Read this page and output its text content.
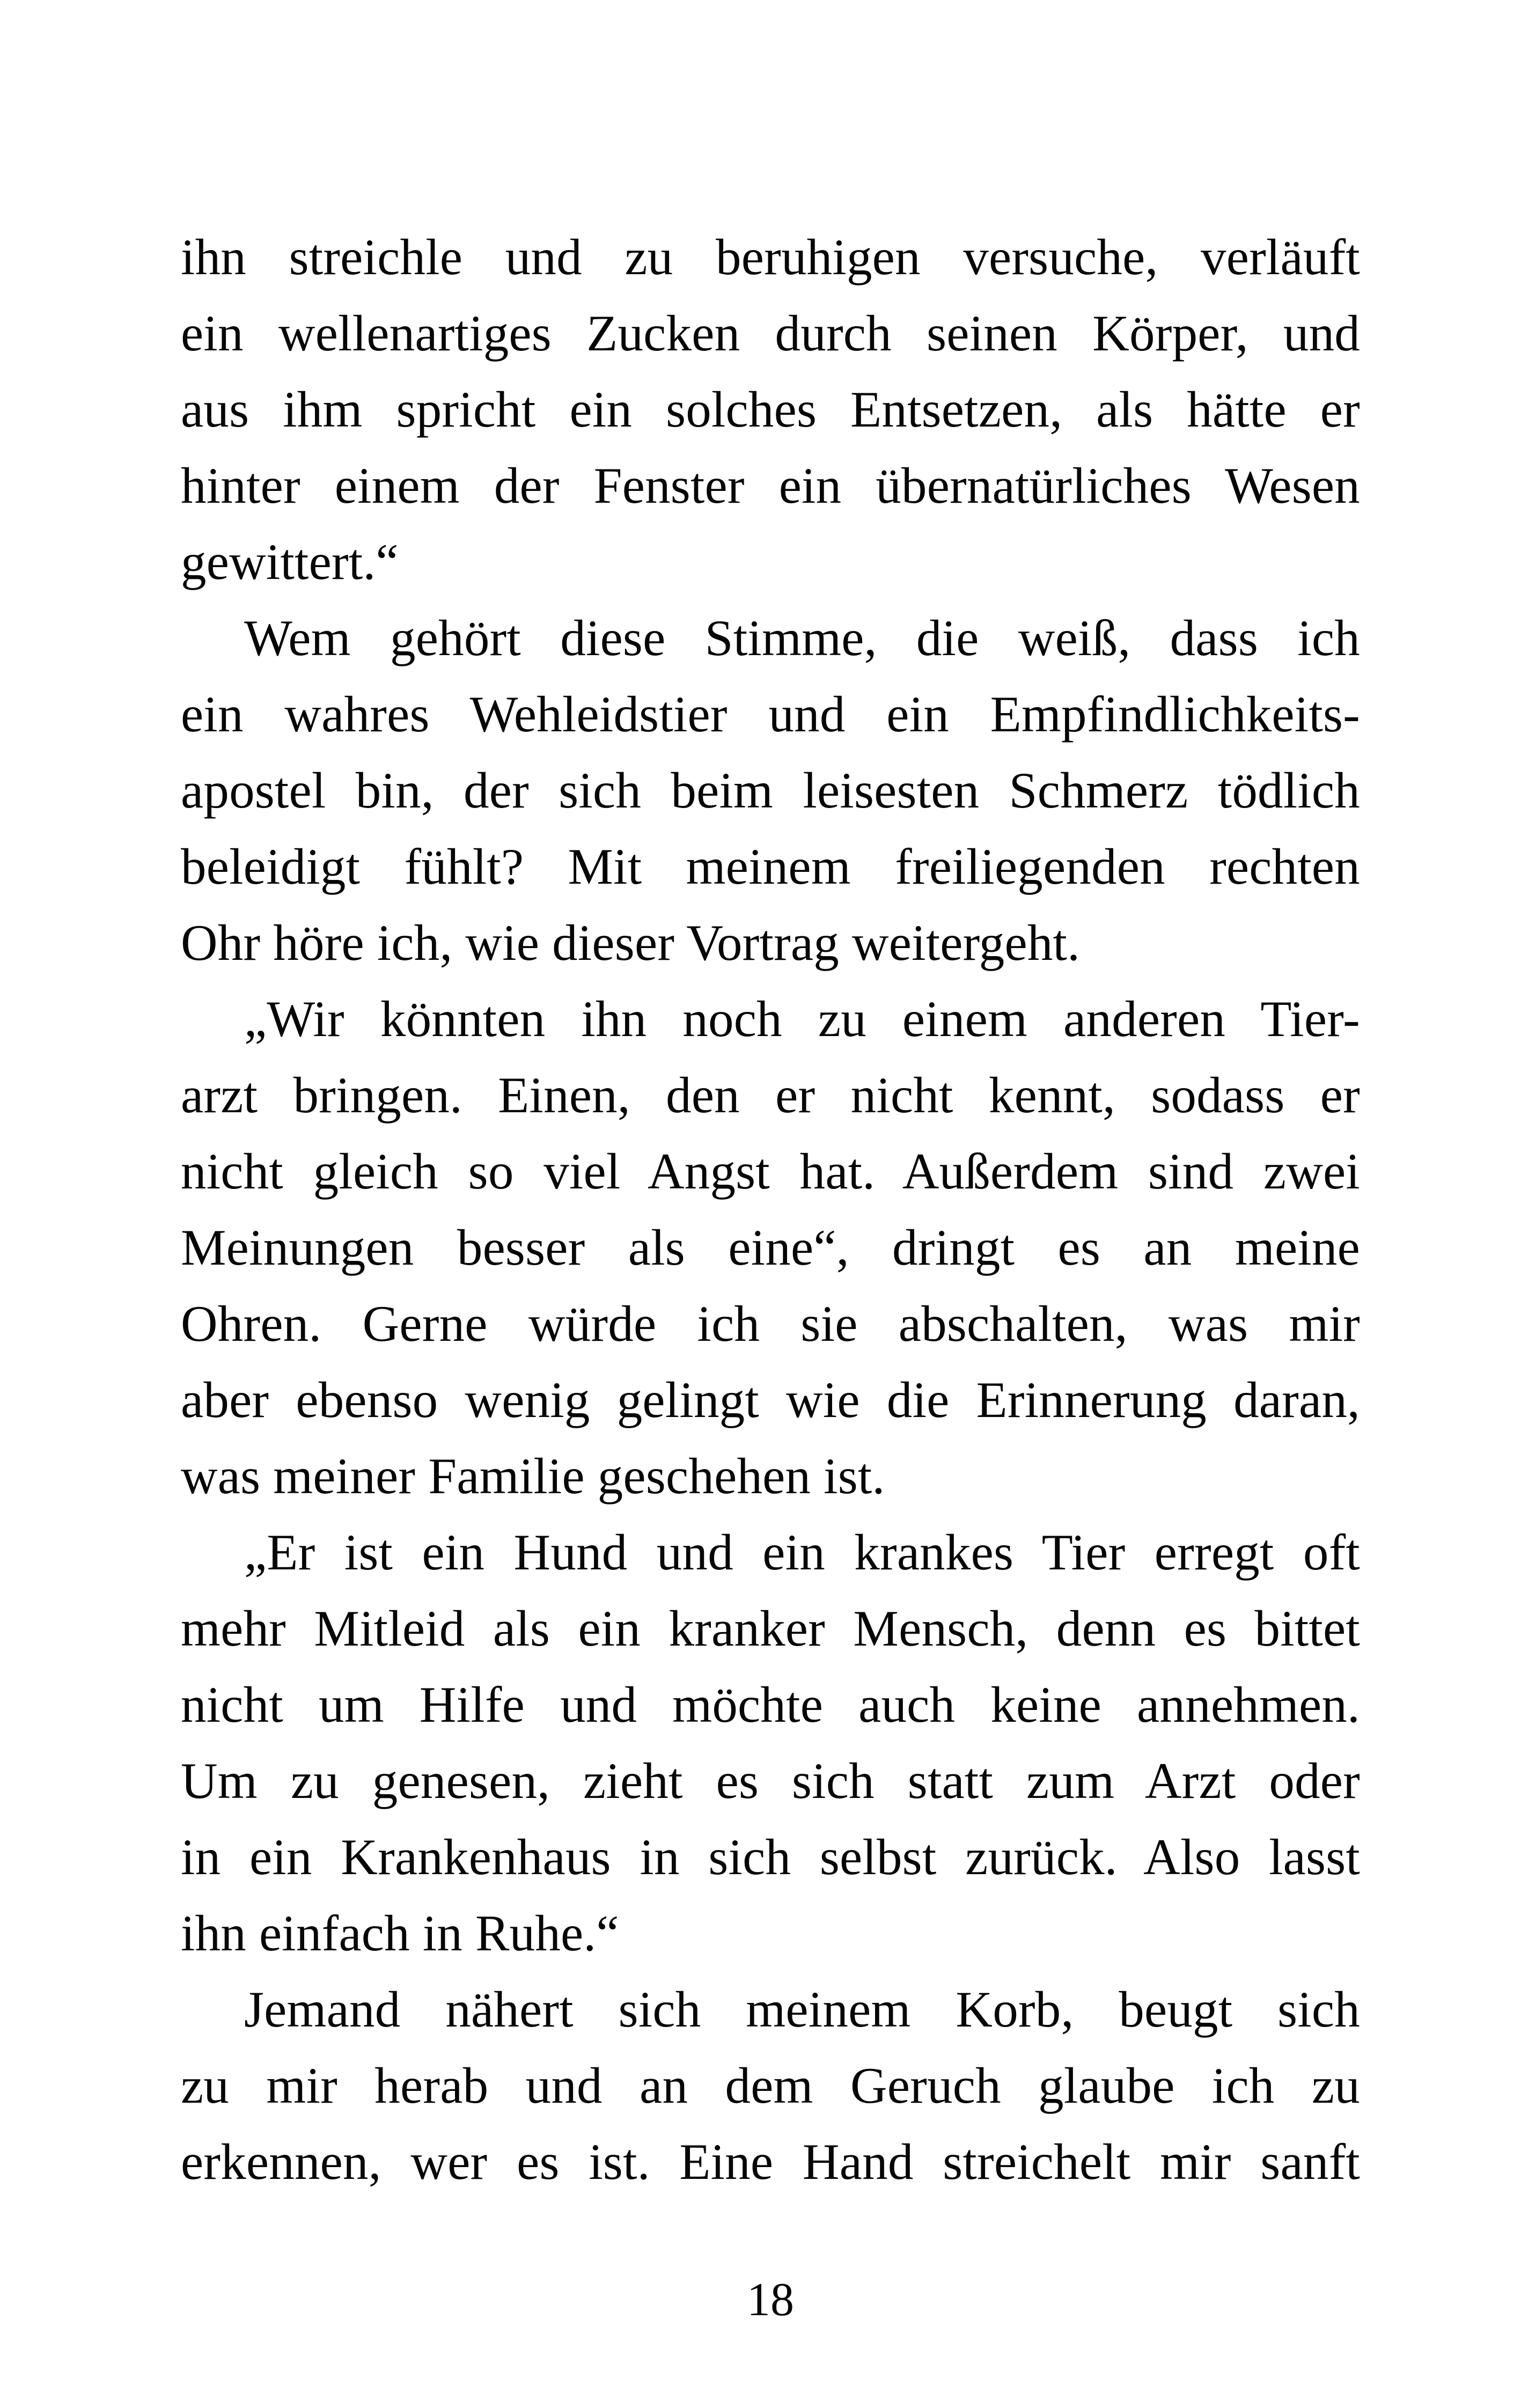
ihn streichle und zu beruhigen versuche, verläuft
ein wellenartiges Zucken durch seinen Körper, und
aus ihm spricht ein solches Entsetzen, als hätte er
hinter einem der Fenster ein übernatürliches Wesen
gewittert.“

Wem gehört diese Stimme, die weiß, dass ich
ein wahres Wehleidstier und ein Empfindlichkeits-
apostel bin, der sich beim leisesten Schmerz tödlich
beleidigt fühlt? Mit meinem freiliegenden rechten
Ohr höre ich, wie dieser Vortrag weitergeht.

„Wir könnten ihn noch zu einem anderen Tier-
arzt bringen. Einen, den er nicht kennt, sodass er
nicht gleich so viel Angst hat. Außerdem sind zwei
Meinungen besser als eine“, dringt es an meine
Ohren. Gerne würde ich sie abschalten, was mir
aber ebenso wenig gelingt wie die Erinnerung daran,
was meiner Familie geschehen ist.

„Er ist ein Hund und ein krankes Tier erregt oft
mehr Mitleid als ein kranker Mensch, denn es bittet
nicht um Hilfe und möchte auch keine annehmen.
Um zu genesen, zieht es sich statt zum Arzt oder
in ein Krankenhaus in sich selbst zurück. Also lasst
ihn einfach in Ruhe.“

Jemand nähert sich meinem Korb, beugt sich
zu mir herab und an dem Geruch glaube ich zu
erkennen, wer es ist. Eine Hand streichelt mir sanft

18
